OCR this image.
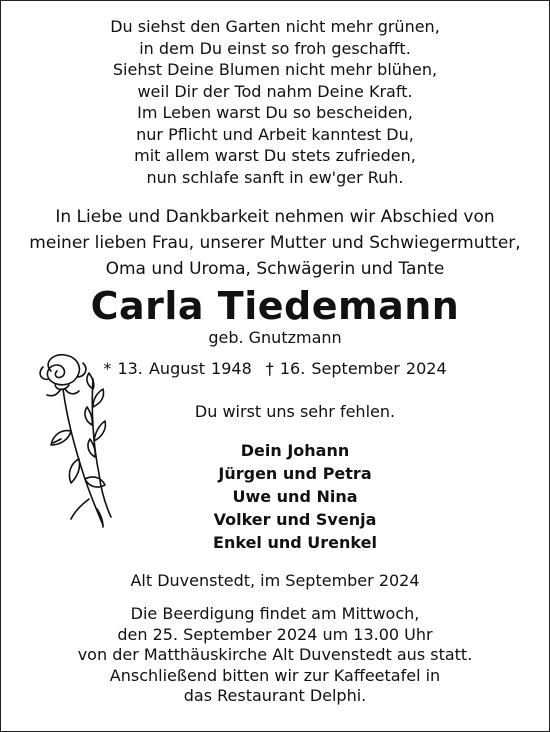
Du siehst den Garten nicht mehr grünen,
in dem Du einst so froh geschafft.
Siehst Deine Blumen nicht mehr blühen,
weil Dir der Tod nahm Deine Kraft.
Im Leben warst Du so bescheiden,
nur Pflicht und Arbeit kanntest Du,
mit allem warst Du stets zufrieden,
nun schlafe sanft in ew'ger Ruh.
In Liebe und Dankbarkeit nehmen wir Abschied von
meiner lieben Frau, unserer Mutter und Schwiegermutter,
Oma und Uroma, Schwägerin und Tante
Carla Tiedemann
geb. Gnutzmann
* 13. August 1948 † 16. September 2024
Du wirst uns sehr fehlen.
Dein Johann
Jürgen und Petra
Uwe und Nina
Volker und Svenja
Enkel und Urenkel
Alt Duvenstedt, im September 2024
Die Beerdigung findet am Mittwoch,
den 25. September 2024 um 13.00 Uhr
von der Matthäuskirche Alt Duvenstedt aus statt.
Anschließend bitten wir zur Kaffeetafel in
das Restaurant Delphi.
